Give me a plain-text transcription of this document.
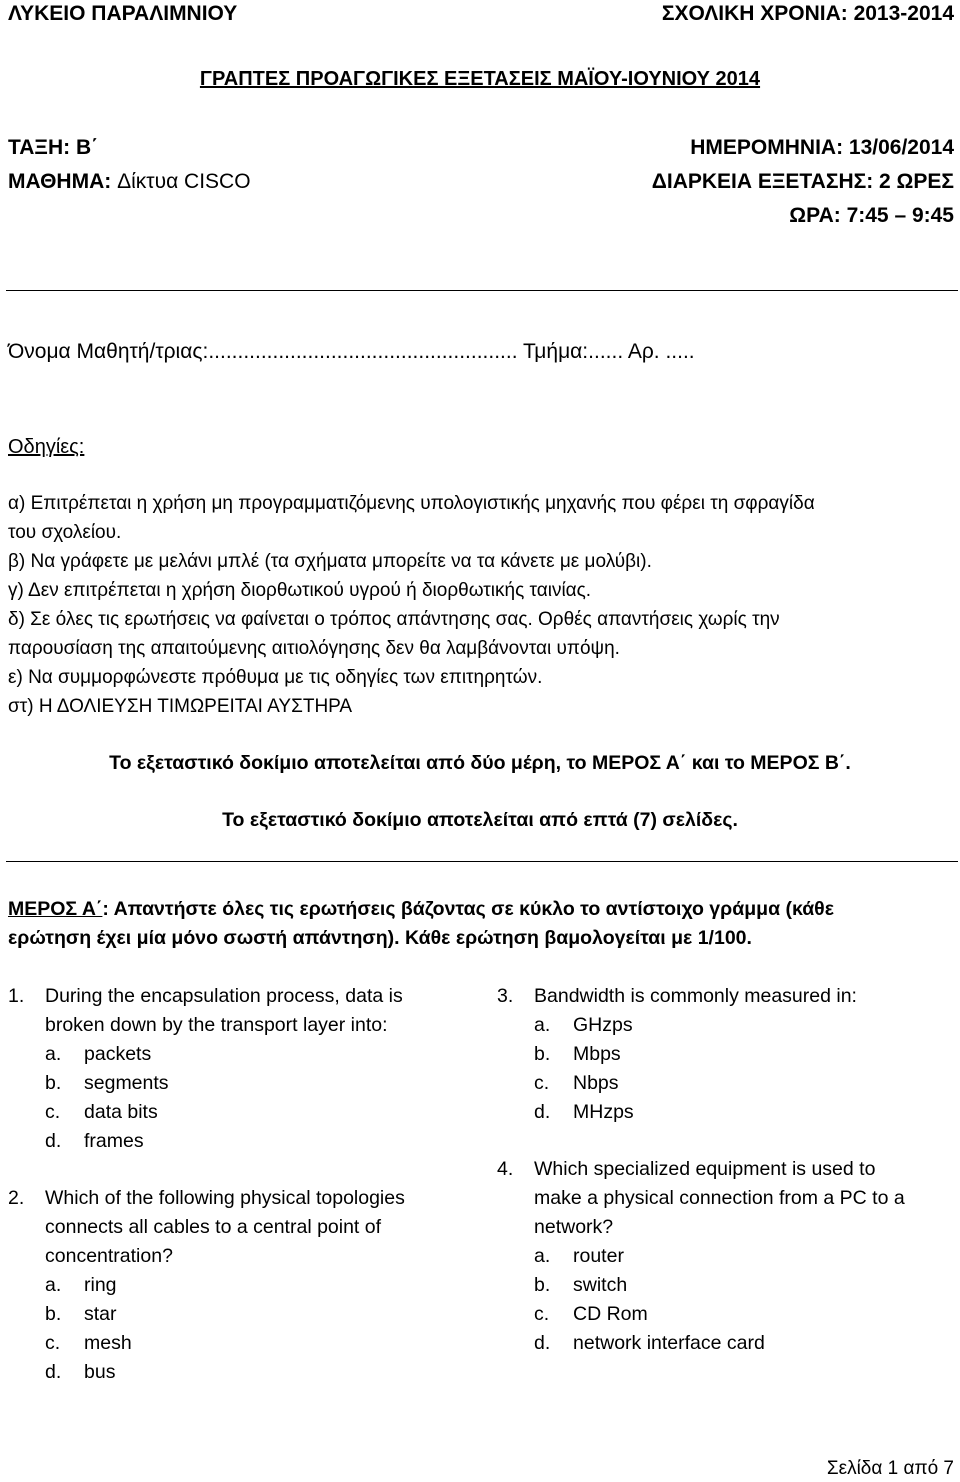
ΛΥΚΕΙΟ ΠΑΡΑΛΙΜΝΙΟΥ	ΣΧΟΛΙΚΗ ΧΡΟΝΙΑ: 2013-2014
ΓΡΑΠΤΕΣ ΠΡΟΑΓΩΓΙΚΕΣ ΕΞΕΤΑΣΕΙΣ ΜΑΪΟΥ-ΙΟΥΝΙΟΥ 2014
ΤΑΞΗ: Β΄	ΗΜΕΡΟΜΗΝΙΑ: 13/06/2014
ΜΑΘΗΜΑ: Δίκτυα CISCO	ΔΙΑΡΚΕΙΑ ΕΞΕΤΑΣΗΣ: 2 ΩΡΕΣ
ΩΡΑ: 7:45 – 9:45
Όνομα Μαθητή/τριας:..................................................... Τμήμα:...... Αρ. .....
Οδηγίες:
α) Επιτρέπεται η χρήση μη προγραμματιζόμενης υπολογιστικής μηχανής που φέρει τη σφραγίδα
του σχολείου.
β) Να γράφετε με μελάνι μπλέ (τα σχήματα μπορείτε να τα κάνετε με μολύβι).
γ) Δεν επιτρέπεται η χρήση διορθωτικού υγρού ή διορθωτικής ταινίας.
δ) Σε όλες τις ερωτήσεις να φαίνεται ο τρόπος απάντησης σας. Ορθές απαντήσεις χωρίς την
παρουσίαση της απαιτούμενης αιτιολόγησης δεν θα λαμβάνονται υπόψη.
ε) Να συμμορφώνεστε πρόθυμα με τις οδηγίες των επιτηρητών.
στ) Η ΔΟΛΙΕΥΣΗ ΤΙΜΩΡΕΙΤΑΙ ΑΥΣΤΗΡΑ
Το εξεταστικό δοκίμιο αποτελείται από δύο μέρη, το ΜΕΡΟΣ Α΄ και το ΜΕΡΟΣ Β΄.
Το εξεταστικό δοκίμιο αποτελείται από επτά (7) σελίδες.
ΜΕΡΟΣ Α΄: Απαντήστε όλες τις ερωτήσεις βάζοντας σε κύκλο το αντίστοιχο γράμμα (κάθε
ερώτηση έχει μία μόνο σωστή απάντηση). Κάθε ερώτηση βαμολογείται με 1/100.
1. During the encapsulation process, data is
broken down by the transport layer into:
a. packets
b. segments
c. data bits
d. frames
2. Which of the following physical topologies
connects all cables to a central point of
concentration?
a. ring
b. star
c. mesh
d. bus
3. Bandwidth is commonly measured in:
a. GHzps
b. Mbps
c. Nbps
d. MHzps
4. Which specialized equipment is used to
make a physical connection from a PC to a
network?
a. router
b. switch
c. CD Rom
d. network interface card
Σελίδα 1 από 7
